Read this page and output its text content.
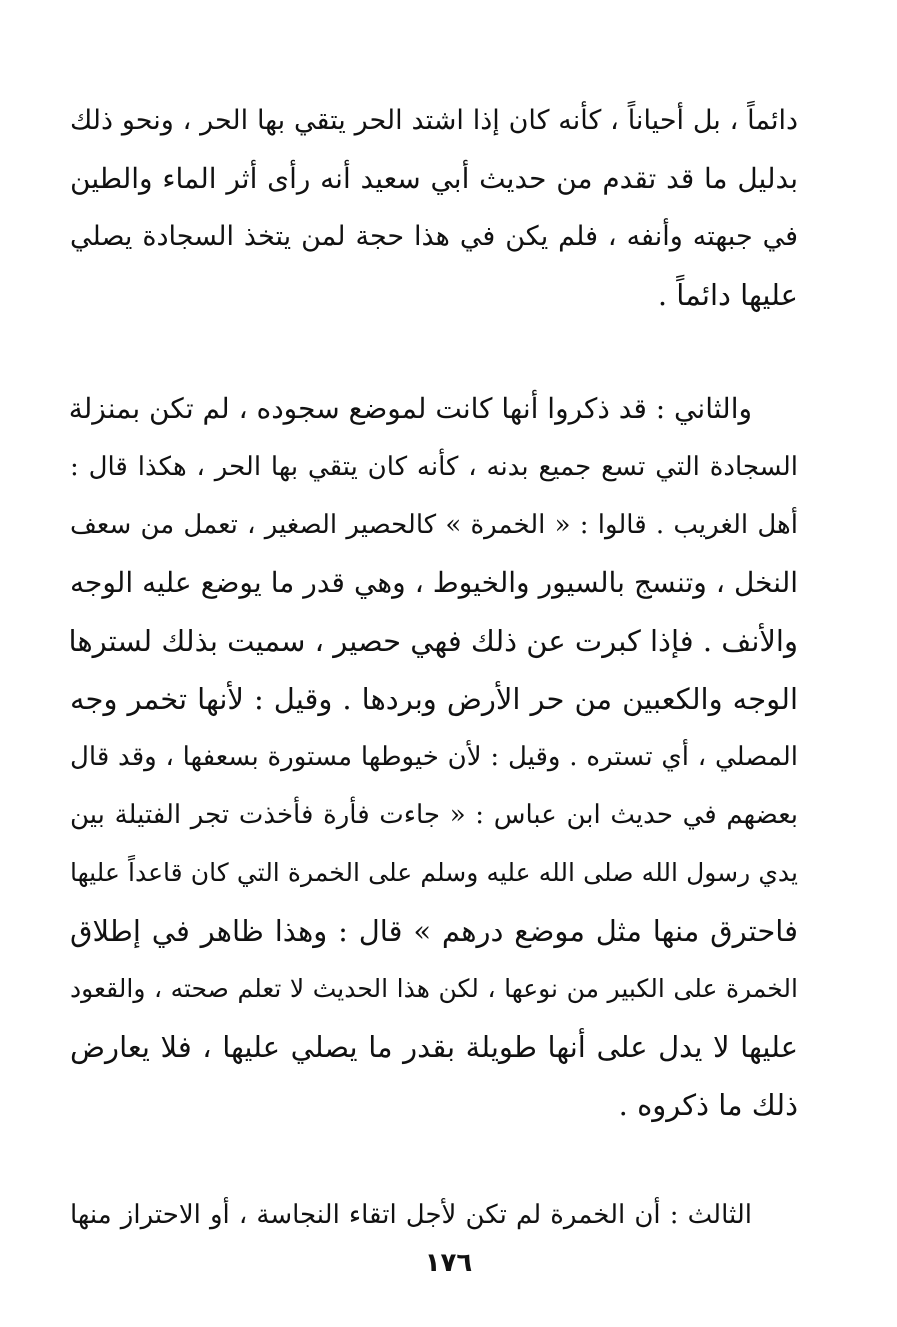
دائماً ، بل أحياناً ، كأنه كان إذا اشتد الحر يتقي بها الحر ، ونحو ذلك
بدليل ما قد تقدم من حديث أبي سعيد أنه رأى أثر الماء والطين
في جبهته وأنفه ، فلم يكن في هذا حجة لمن يتخذ السجادة يصلي
عليها دائماً .

والثاني : قد ذكروا أنها كانت لموضع سجوده ، لم تكن بمنزلة
السجادة التي تسع جميع بدنه ، كأنه كان يتقي بها الحر ، هكذا قال :
أهل الغريب . قالوا : « الخمرة » كالحصير الصغير ، تعمل من سعف
النخل ، وتنسج بالسيور والخيوط ، وهي قدر ما يوضع عليه الوجه
والأنف . فإذا كبرت عن ذلك فهي حصير ، سميت بذلك لسترها
الوجه والكعبين من حر الأرض وبردها . وقيل : لأنها تخمر وجه
المصلي ، أي تستره . وقيل : لأن خيوطها مستورة بسعفها ، وقد قال
بعضهم في حديث ابن عباس : « جاءت فأرة فأخذت تجر الفتيلة بين
يدي رسول الله صلى الله عليه وسلم على الخمرة التي كان قاعداً عليها
فاحترق منها مثل موضع درهم » قال : وهذا ظاهر في إطلاق
الخمرة على الكبير من نوعها ، لكن هذا الحديث لا تعلم صحته ، والقعود
عليها لا يدل على أنها طويلة بقدر ما يصلي عليها ، فلا يعارض
ذلك ما ذكروه .

الثالث : أن الخمرة لم تكن لأجل اتقاء النجاسة ، أو الاحتراز منها

١٧٦
